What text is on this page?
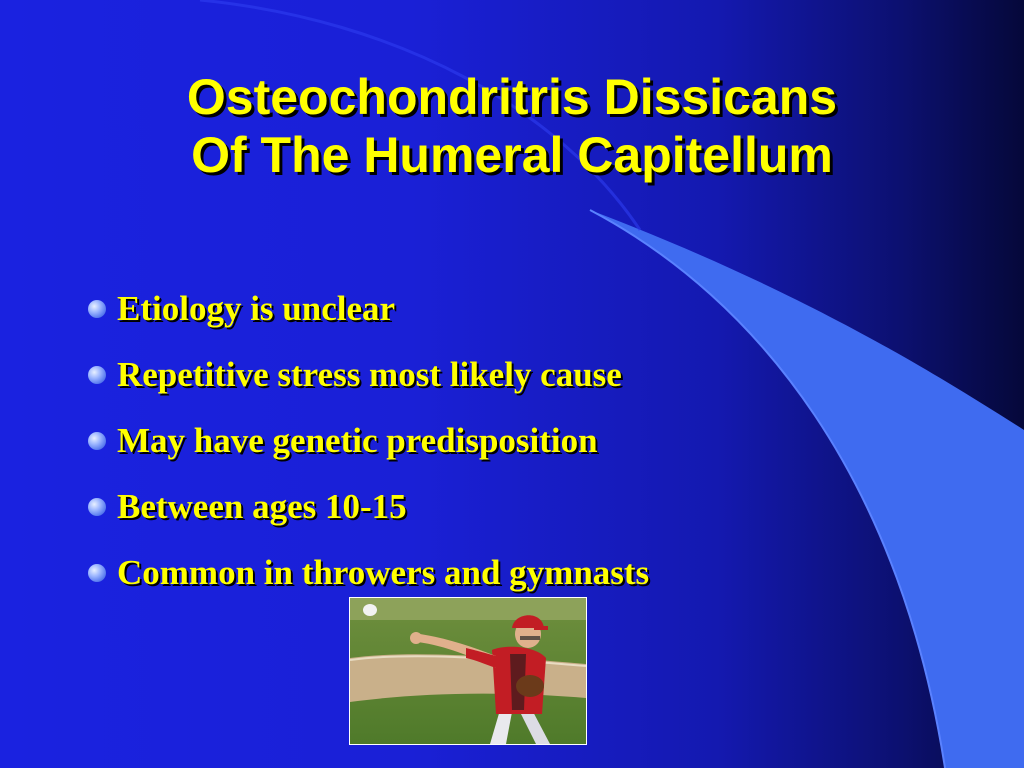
Osteochondritris Dissicans
Of The Humeral Capitellum
Etiology is unclear
Repetitive stress most likely cause
May have genetic predisposition
Between ages 10-15
Common in throwers and gymnasts
